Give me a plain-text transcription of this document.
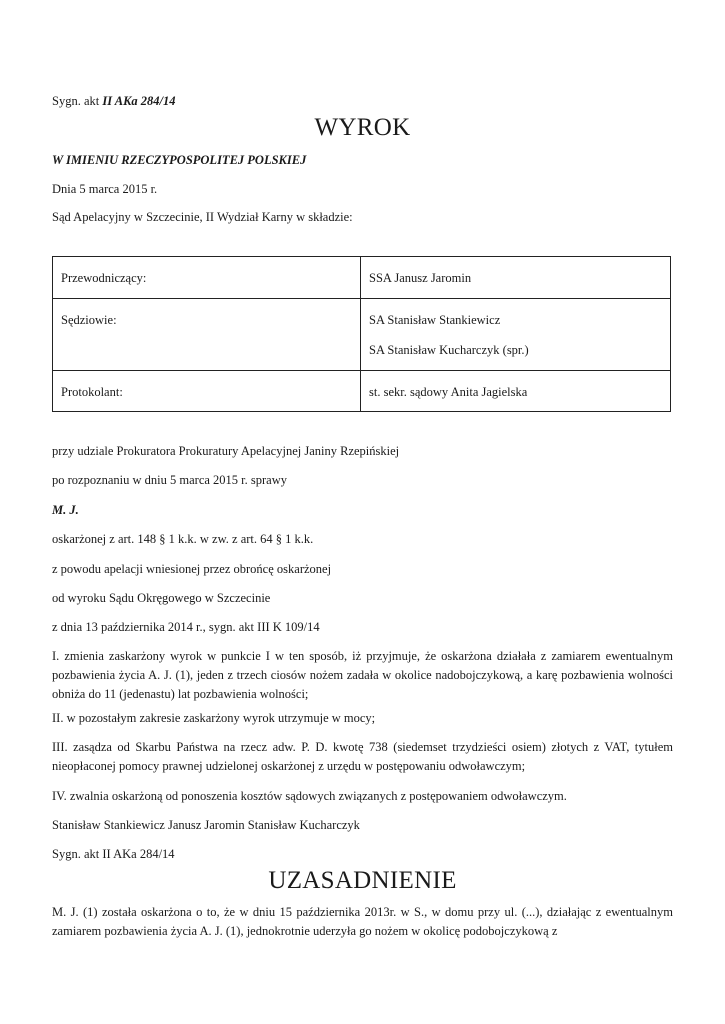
Sygn. akt II AKa 284/14
WYROK
W IMIENIU RZECZYPOSPOLITEJ POLSKIEJ
Dnia 5 marca 2015 r.
Sąd Apelacyjny w Szczecinie, II Wydział Karny w składzie:
Przewodniczący:	SSA Janusz Jaromin
Sędziowie:	SA Stanisław Stankiewicz
SA Stanisław Kucharczyk (spr.)
Protokolant:	st. sekr. sądowy Anita Jagielska
przy udziale Prokuratora Prokuratury Apelacyjnej Janiny Rzepińskiej
po rozpoznaniu w dniu 5 marca 2015 r. sprawy
M. J.
oskarżonej z art. 148 § 1 k.k. w zw. z art. 64 § 1 k.k.
z powodu apelacji wniesionej przez obrońcę oskarżonej
od wyroku Sądu Okręgowego w Szczecinie
z dnia 13 października 2014 r., sygn. akt III K 109/14
I. zmienia zaskarżony wyrok w punkcie I w ten sposób, iż przyjmuje, że oskarżona działała z zamiarem ewentualnym pozbawienia życia A. J. (1), jeden z trzech ciosów nożem zadała w okolice nadobojczykową, a karę pozbawienia wolności obniża do 11 (jedenastu) lat pozbawienia wolności;
II. w pozostałym zakresie zaskarżony wyrok utrzymuje w mocy;
III. zasądza od Skarbu Państwa na rzecz adw. P. D. kwotę 738 (siedemset trzydzieści osiem) złotych z VAT, tytułem nieopłaconej pomocy prawnej udzielonej oskarżonej z urzędu w postępowaniu odwoławczym;
IV. zwalnia oskarżoną od ponoszenia kosztów sądowych związanych z postępowaniem odwoławczym.
Stanisław Stankiewicz Janusz Jaromin Stanisław Kucharczyk
Sygn. akt II AKa 284/14
UZASADNIENIE
M. J. (1) została oskarżona o to, że w dniu 15 października 2013r. w S., w domu przy ul. (...), działając z ewentualnym zamiarem pozbawienia życia A. J. (1), jednokrotnie uderzyła go nożem w okolicę podobojczykową z
